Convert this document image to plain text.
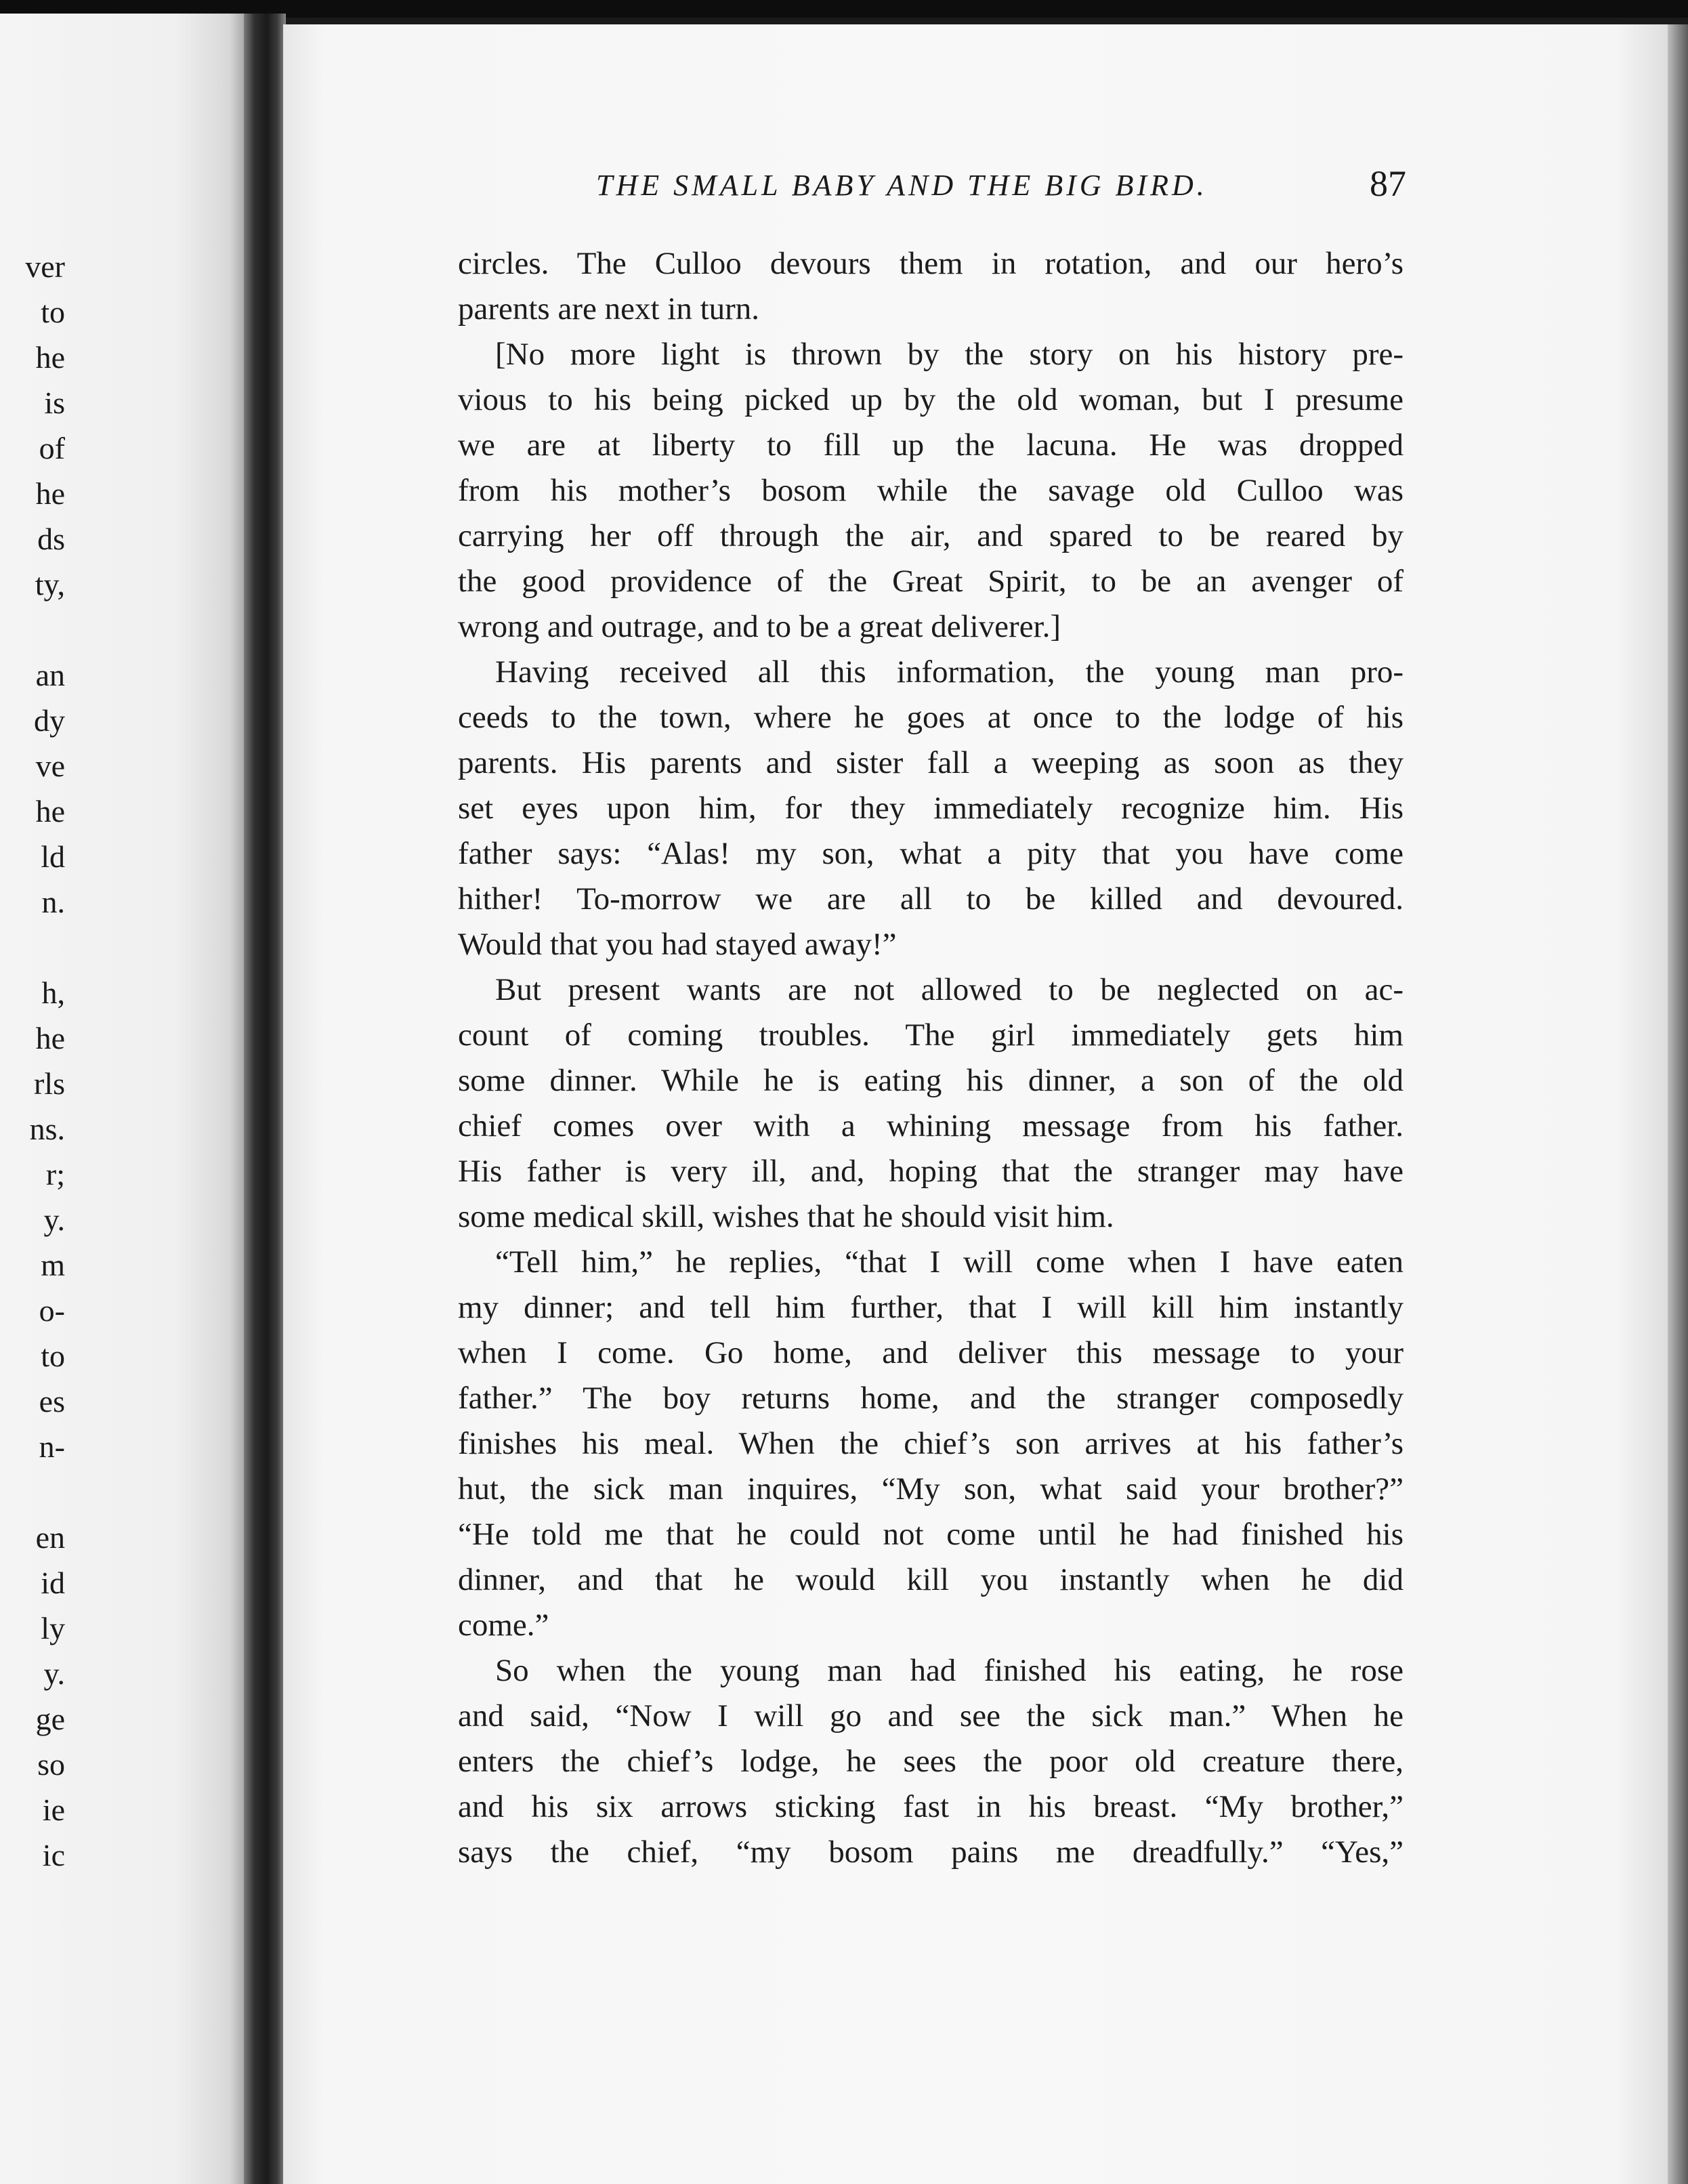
ver
to
he
is
of
he
ds
ty,
an
dy
ve
he
ld
n.
h,
he
rls
ns.
r;
y.
m
o-
to
es
n-
en
id
ly
y.
ge
so
ie
ic
THE SMALL BABY AND THE BIG BIRD.	87
circles. The Culloo devours them in rotation, and our hero’s
parents are next in turn.
[No more light is thrown by the story on his history pre-
vious to his being picked up by the old woman, but I presume
we are at liberty to fill up the lacuna. He was dropped
from his mother’s bosom while the savage old Culloo was
carrying her off through the air, and spared to be reared by
the good providence of the Great Spirit, to be an avenger of
wrong and outrage, and to be a great deliverer.]
Having received all this information, the young man pro-
ceeds to the town, where he goes at once to the lodge of his
parents. His parents and sister fall a weeping as soon as they
set eyes upon him, for they immediately recognize him. His
father says: “Alas! my son, what a pity that you have come
hither! To-morrow we are all to be killed and devoured.
Would that you had stayed away!”
But present wants are not allowed to be neglected on ac-
count of coming troubles. The girl immediately gets him
some dinner. While he is eating his dinner, a son of the old
chief comes over with a whining message from his father.
His father is very ill, and, hoping that the stranger may have
some medical skill, wishes that he should visit him.
“Tell him,” he replies, “that I will come when I have eaten
my dinner; and tell him further, that I will kill him instantly
when I come. Go home, and deliver this message to your
father.” The boy returns home, and the stranger composedly
finishes his meal. When the chief’s son arrives at his father’s
hut, the sick man inquires, “My son, what said your brother?”
“He told me that he could not come until he had finished his
dinner, and that he would kill you instantly when he did
come.”
So when the young man had finished his eating, he rose
and said, “Now I will go and see the sick man.” When he
enters the chief’s lodge, he sees the poor old creature there,
and his six arrows sticking fast in his breast. “My brother,”
says the chief, “my bosom pains me dreadfully.” “Yes,”
